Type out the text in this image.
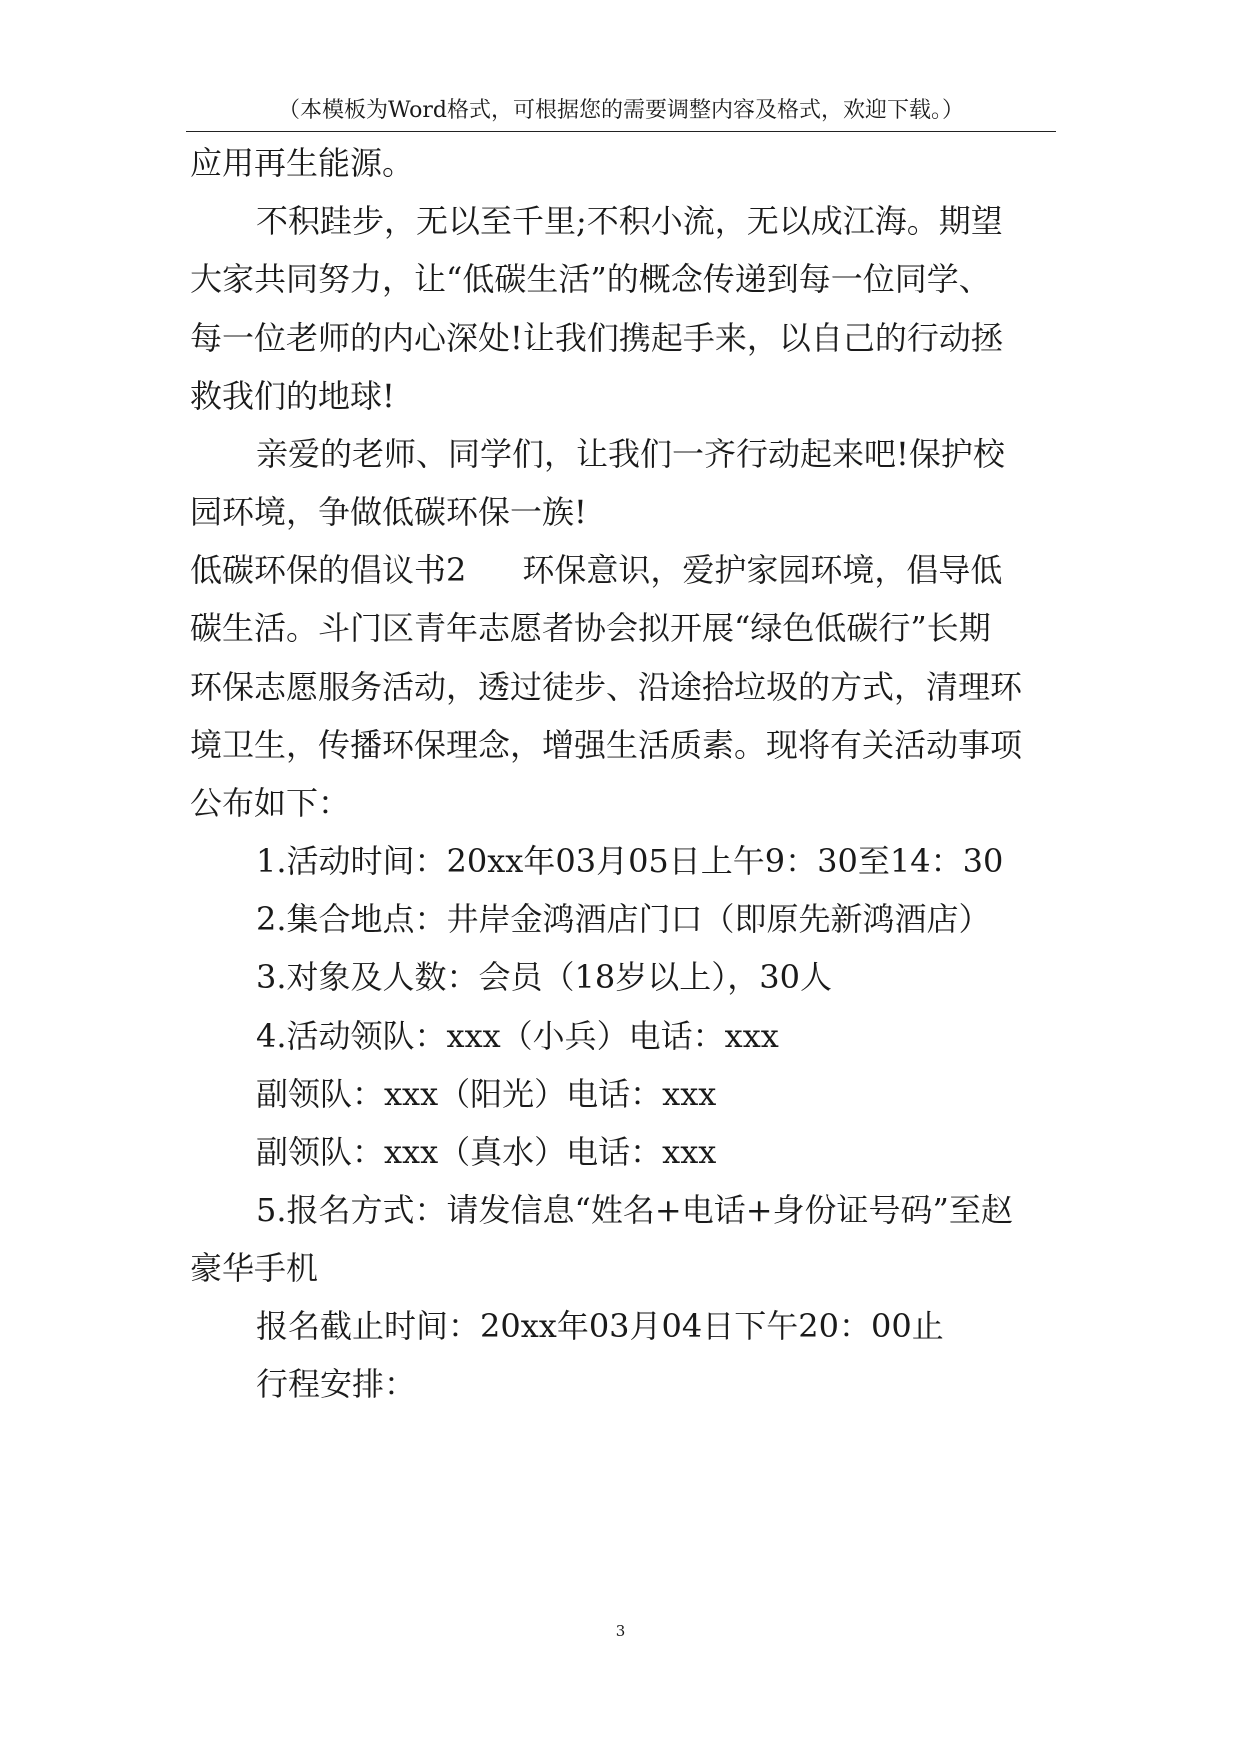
（本模板为Word格式，可根据您的需要调整内容及格式，欢迎下载。）
应用再生能源。
不积跬步，无以至千里;不积小流，无以成江海。期望
大家共同努力，让“低碳生活”的概念传递到每一位同学、
每一位老师的内心深处!让我们携起手来，以自己的行动拯
救我们的地球!
亲爱的老师、同学们，让我们一齐行动起来吧!保护校
园环境，争做低碳环保一族!
低碳环保的倡议书2 环保意识，爱护家园环境，倡导低
碳生活。斗门区青年志愿者协会拟开展“绿色低碳行”长期
环保志愿服务活动，透过徒步、沿途拾垃圾的方式，清理环
境卫生，传播环保理念，增强生活质素。现将有关活动事项
公布如下：
1.活动时间：20xx年03月05日上午9：30至14：30
2.集合地点：井岸金鸿酒店门口（即原先新鸿酒店）
3.对象及人数：会员（18岁以上），30人
4.活动领队：xxx（小兵）电话：xxx
副领队：xxx（阳光）电话：xxx
副领队：xxx（真水）电话：xxx
5.报名方式：请发信息“姓名+电话+身份证号码”至赵
豪华手机
报名截止时间：20xx年03月04日下午20：00止
行程安排：
3
